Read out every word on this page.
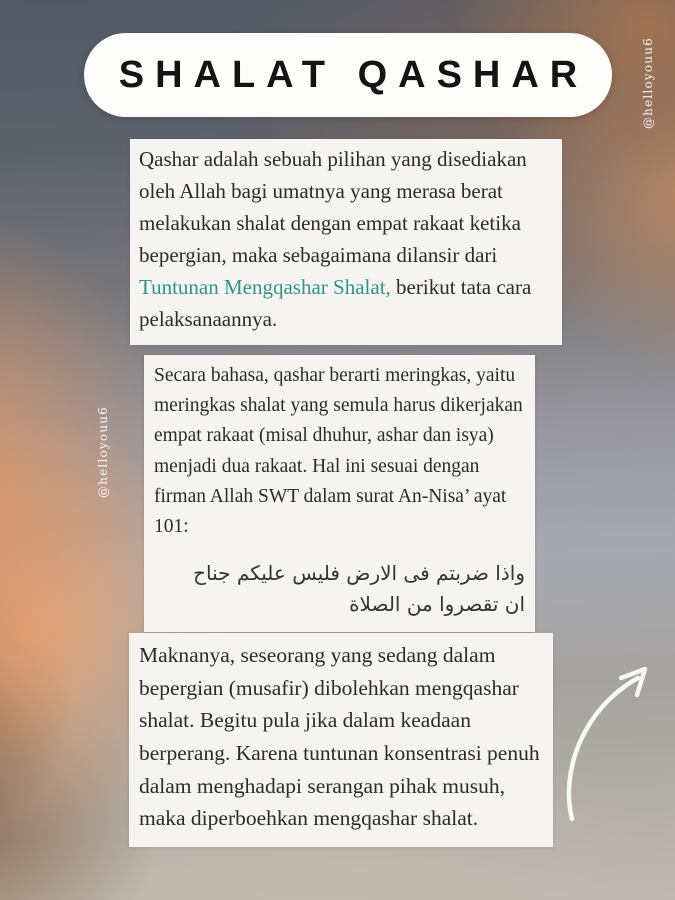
SHALAT QASHAR	@helloyouu6
@helloyouu6
Qashar adalah sebuah pilihan yang disediakan oleh Allah bagi umatnya yang merasa berat melakukan shalat dengan empat rakaat ketika bepergian, maka sebagaimana dilansir dari Tuntunan Mengqashar Shalat, berikut tata cara pelaksanaannya.
Secara bahasa, qashar berarti meringkas, yaitu meringkas shalat yang semula harus dikerjakan empat rakaat (misal dhuhur, ashar dan isya) menjadi dua rakaat. Hal ini sesuai dengan firman Allah SWT dalam surat An-Nisa’ ayat 101:
واذا ضربتم فى الارض فليس عليكم جناح ان تقصروا من الصلاة
Maknanya, seseorang yang sedang dalam bepergian (musafir) dibolehkan mengqashar shalat. Begitu pula jika dalam keadaan berperang. Karena tuntunan konsentrasi penuh dalam menghadapi serangan pihak musuh, maka diperboehkan mengqashar shalat.
